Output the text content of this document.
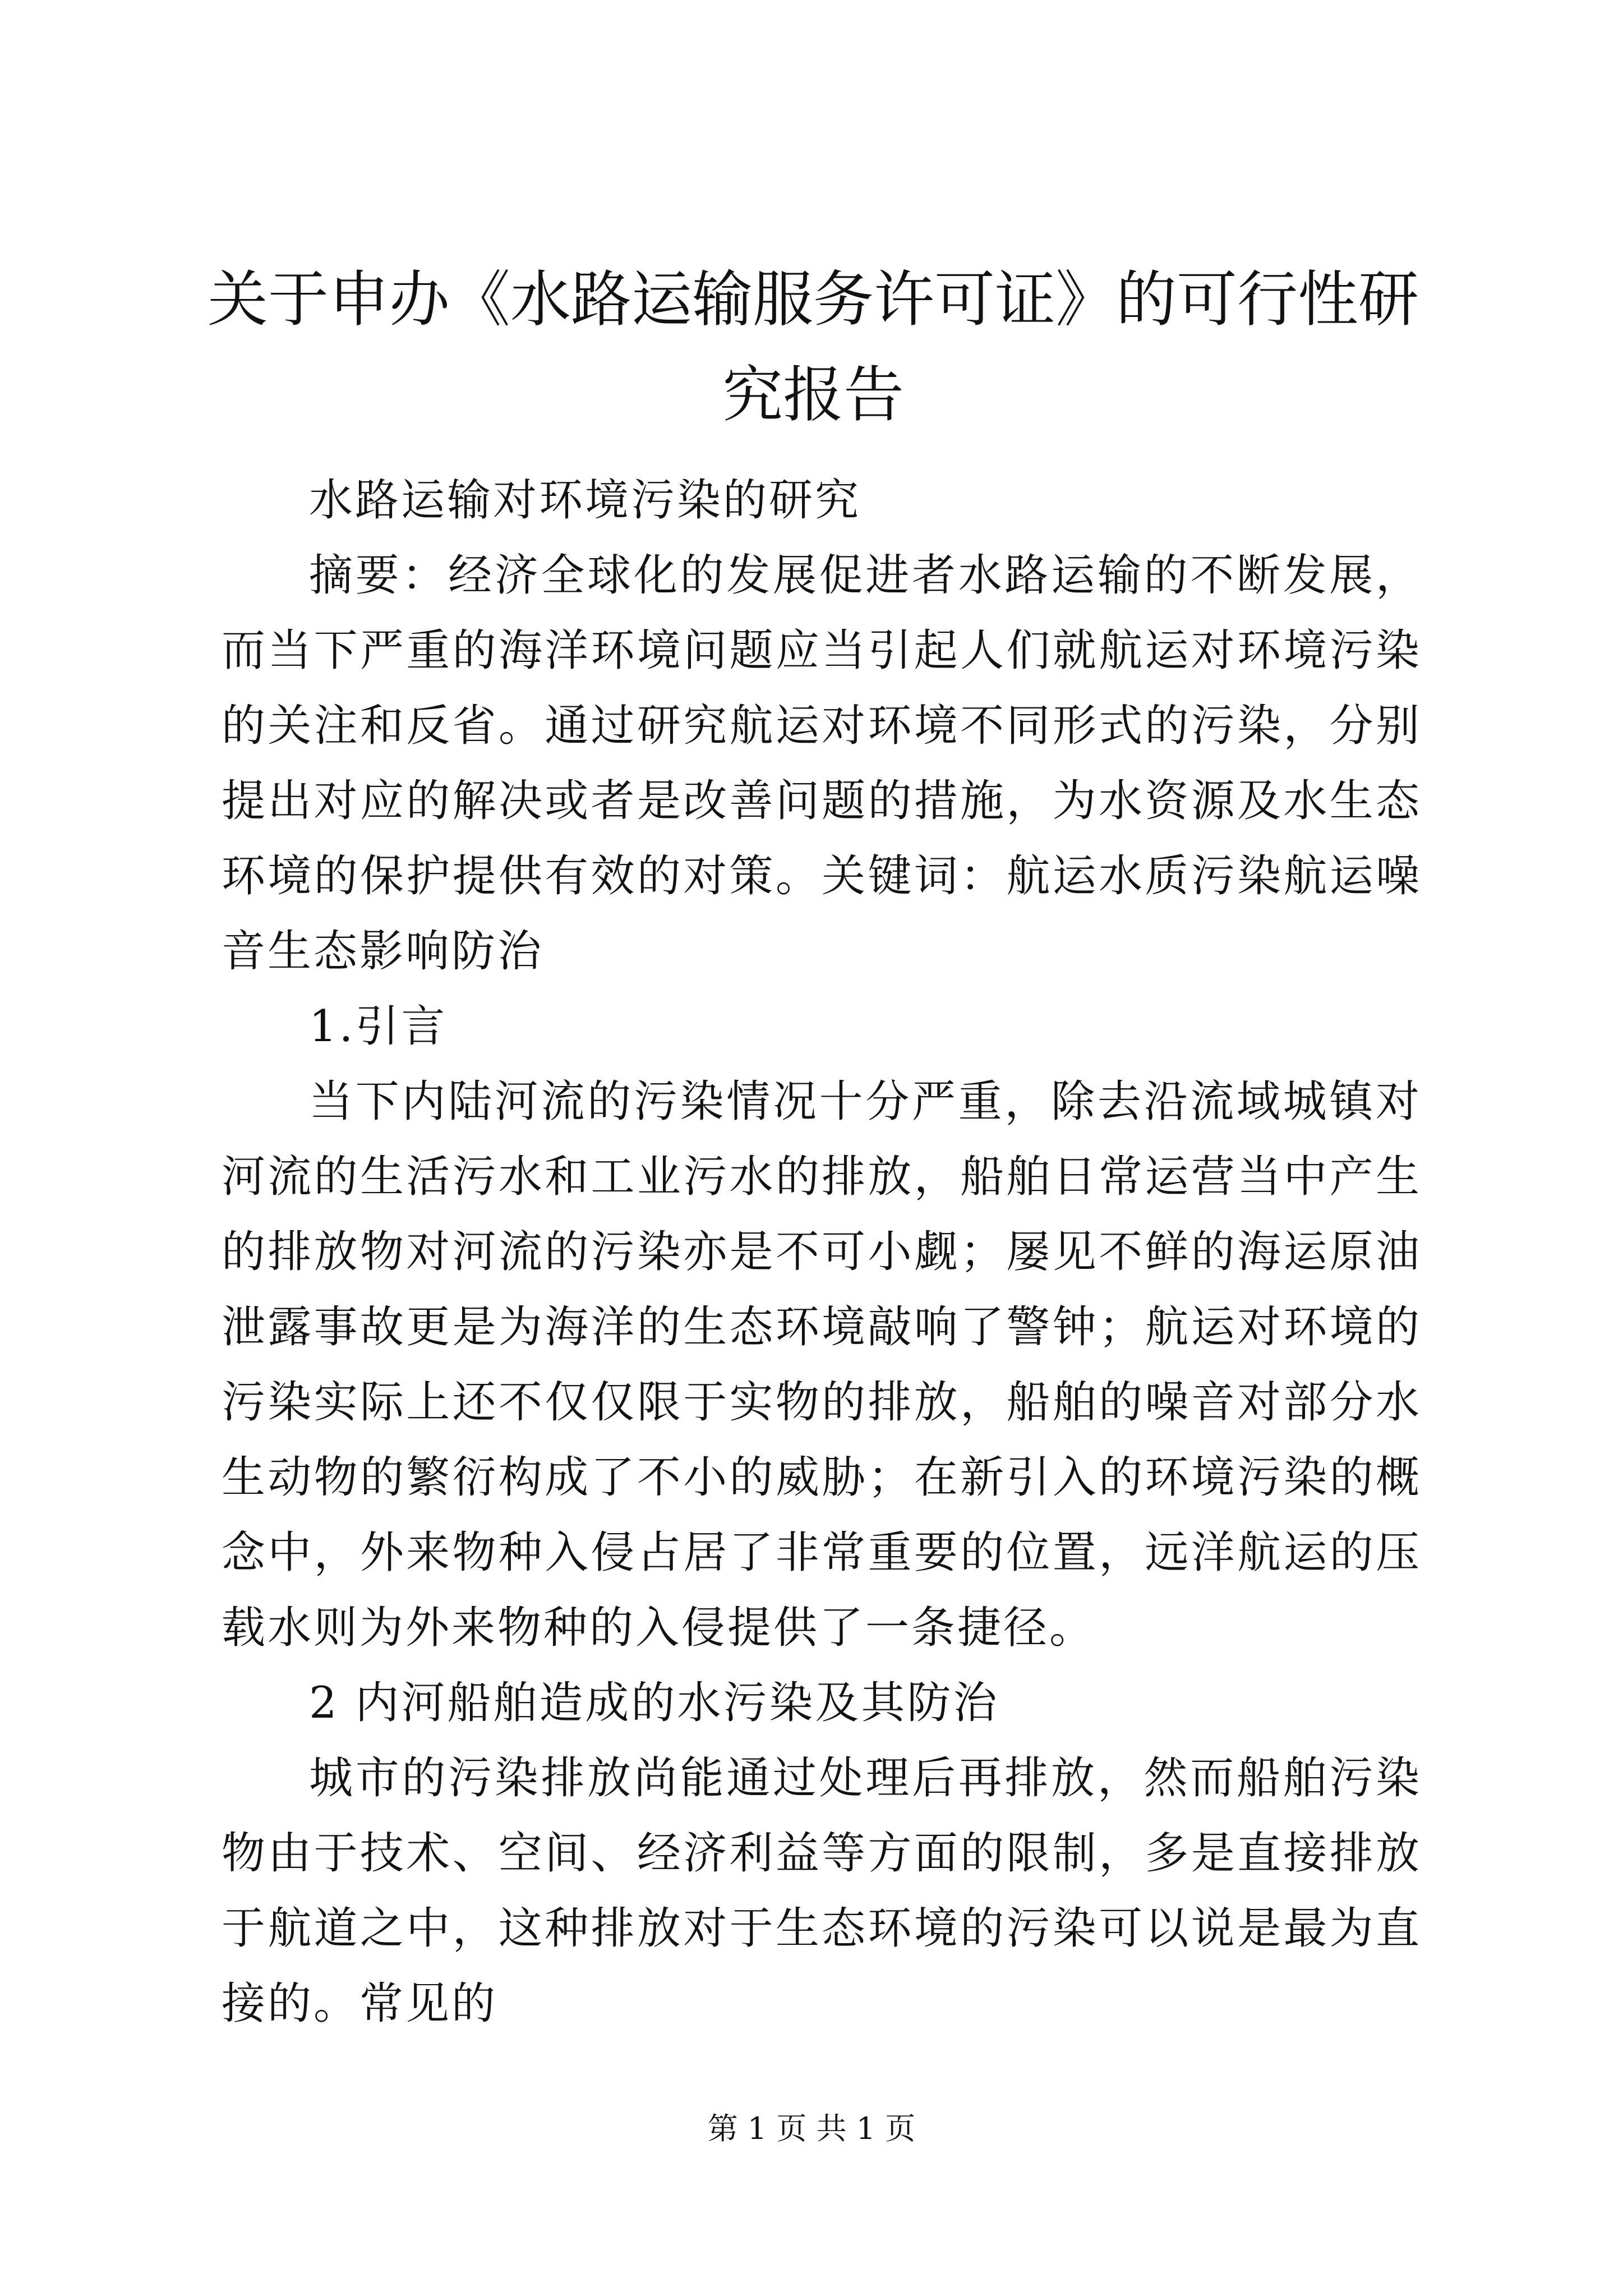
关于申办《水路运输服务许可证》的可行性研究报告

水路运输对环境污染的研究

摘要：经济全球化的发展促进者水路运输的不断发展，而当下严重的海洋环境问题应当引起人们就航运对环境污染的关注和反省。通过研究航运对环境不同形式的污染，分别提出对应的解决或者是改善问题的措施，为水资源及水生态环境的保护提供有效的对策。关键词：航运水质污染航运噪音生态影响防治

1.引言

当下内陆河流的污染情况十分严重，除去沿流域城镇对河流的生活污水和工业污水的排放，船舶日常运营当中产生的排放物对河流的污染亦是不可小觑；屡见不鲜的海运原油泄露事故更是为海洋的生态环境敲响了警钟；航运对环境的污染实际上还不仅仅限于实物的排放，船舶的噪音对部分水生动物的繁衍构成了不小的威胁；在新引入的环境污染的概念中，外来物种入侵占居了非常重要的位置，远洋航运的压载水则为外来物种的入侵提供了一条捷径。

2 内河船舶造成的水污染及其防治

城市的污染排放尚能通过处理后再排放，然而船舶污染物由于技术、空间、经济利益等方面的限制，多是直接排放于航道之中，这种排放对于生态环境的污染可以说是最为直接的。常见的

第 1 页 共 1 页
